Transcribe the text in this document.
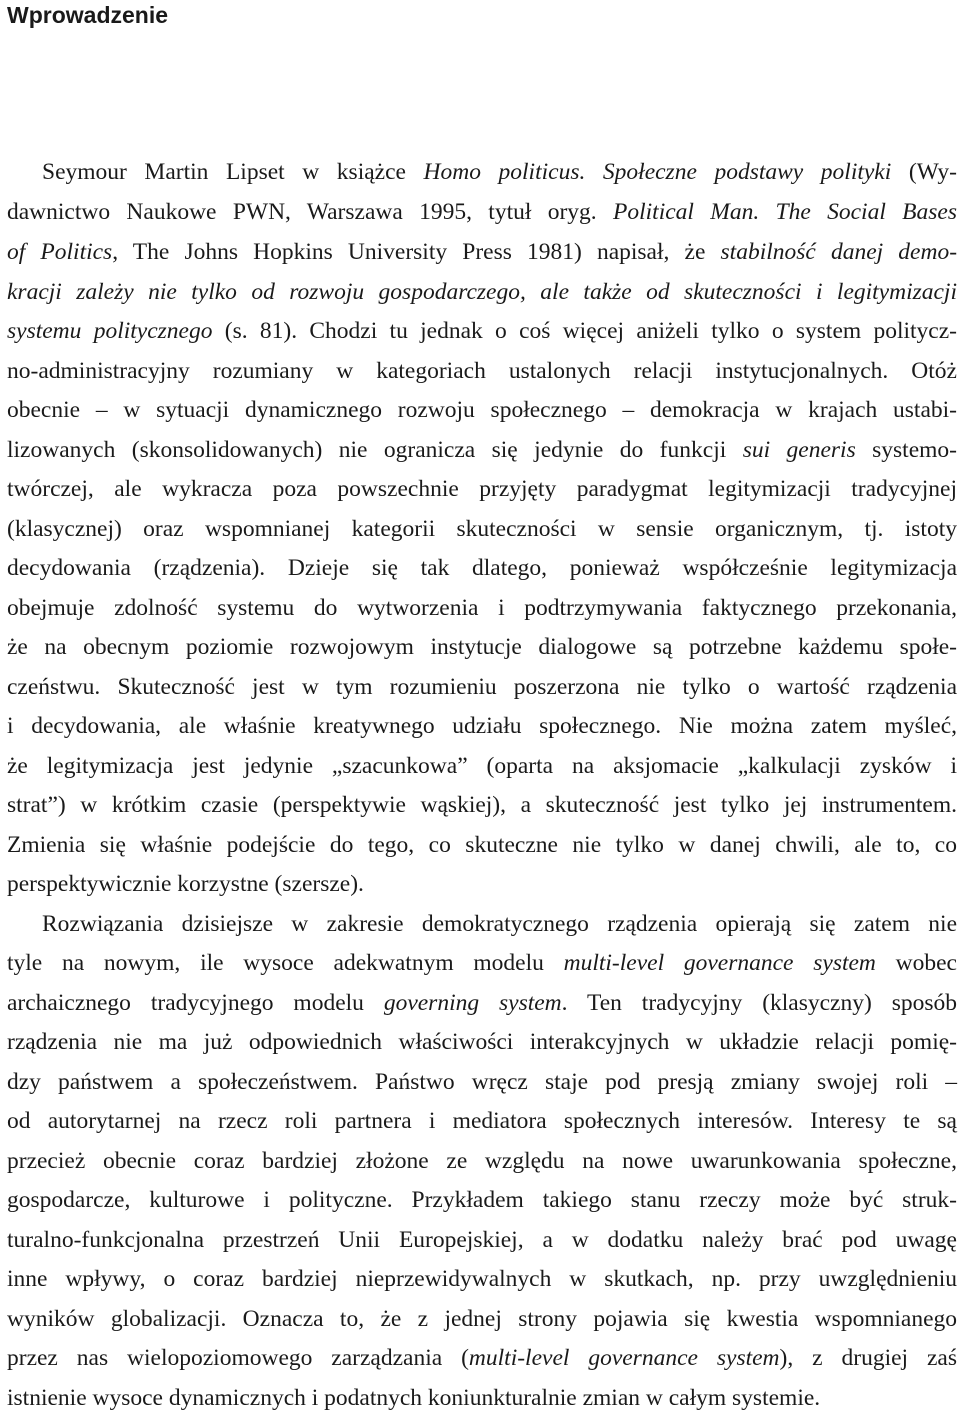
Wprowadzenie
Seymour Martin Lipset w książce Homo politicus. Społeczne podstawy polityki (Wy-
dawnictwo Naukowe PWN, Warszawa 1995, tytuł oryg. Political Man. The Social Bases
of Politics, The Johns Hopkins University Press 1981) napisał, że stabilność danej demo-
kracji zależy nie tylko od rozwoju gospodarczego, ale także od skuteczności i legitymizacji
systemu politycznego (s. 81). Chodzi tu jednak o coś więcej aniżeli tylko o system politycz-
no-administracyjny rozumiany w kategoriach ustalonych relacji instytucjonalnych. Otóż
obecnie – w sytuacji dynamicznego rozwoju społecznego – demokracja w krajach ustabi-
lizowanych (skonsolidowanych) nie ogranicza się jedynie do funkcji sui generis systemo-
twórczej, ale wykracza poza powszechnie przyjęty paradygmat legitymizacji tradycyjnej
(klasycznej) oraz wspomnianej kategorii skuteczności w sensie organicznym, tj. istoty
decydowania (rządzenia). Dzieje się tak dlatego, ponieważ współcześnie legitymizacja
obejmuje zdolność systemu do wytworzenia i podtrzymywania faktycznego przekonania,
że na obecnym poziomie rozwojowym instytucje dialogowe są potrzebne każdemu społe-
czeństwu. Skuteczność jest w tym rozumieniu poszerzona nie tylko o wartość rządzenia
i decydowania, ale właśnie kreatywnego udziału społecznego. Nie można zatem myśleć,
że legitymizacja jest jedynie „szacunkowa” (oparta na aksjomacie „kalkulacji zysków i
strat”) w krótkim czasie (perspektywie wąskiej), a skuteczność jest tylko jej instrumentem.
Zmienia się właśnie podejście do tego, co skuteczne nie tylko w danej chwili, ale to, co
perspektywicznie korzystne (szersze).
Rozwiązania dzisiejsze w zakresie demokratycznego rządzenia opierają się zatem nie
tyle na nowym, ile wysoce adekwatnym modelu multi-level governance system wobec
archaicznego tradycyjnego modelu governing system. Ten tradycyjny (klasyczny) sposób
rządzenia nie ma już odpowiednich właściwości interakcyjnych w układzie relacji pomię-
dzy państwem a społeczeństwem. Państwo wręcz staje pod presją zmiany swojej roli –
od autorytarnej na rzecz roli partnera i mediatora społecznych interesów. Interesy te są
przecież obecnie coraz bardziej złożone ze względu na nowe uwarunkowania społeczne,
gospodarcze, kulturowe i polityczne. Przykładem takiego stanu rzeczy może być struk-
turalno-funkcjonalna przestrzeń Unii Europejskiej, a w dodatku należy brać pod uwagę
inne wpływy, o coraz bardziej nieprzewidywalnych w skutkach, np. przy uwzględnieniu
wyników globalizacji. Oznacza to, że z jednej strony pojawia się kwestia wspomnianego
przez nas wielopoziomowego zarządzania (multi-level governance system), z drugiej zaś
istnienie wysoce dynamicznych i podatnych koniunkturalnie zmian w całym systemie.
